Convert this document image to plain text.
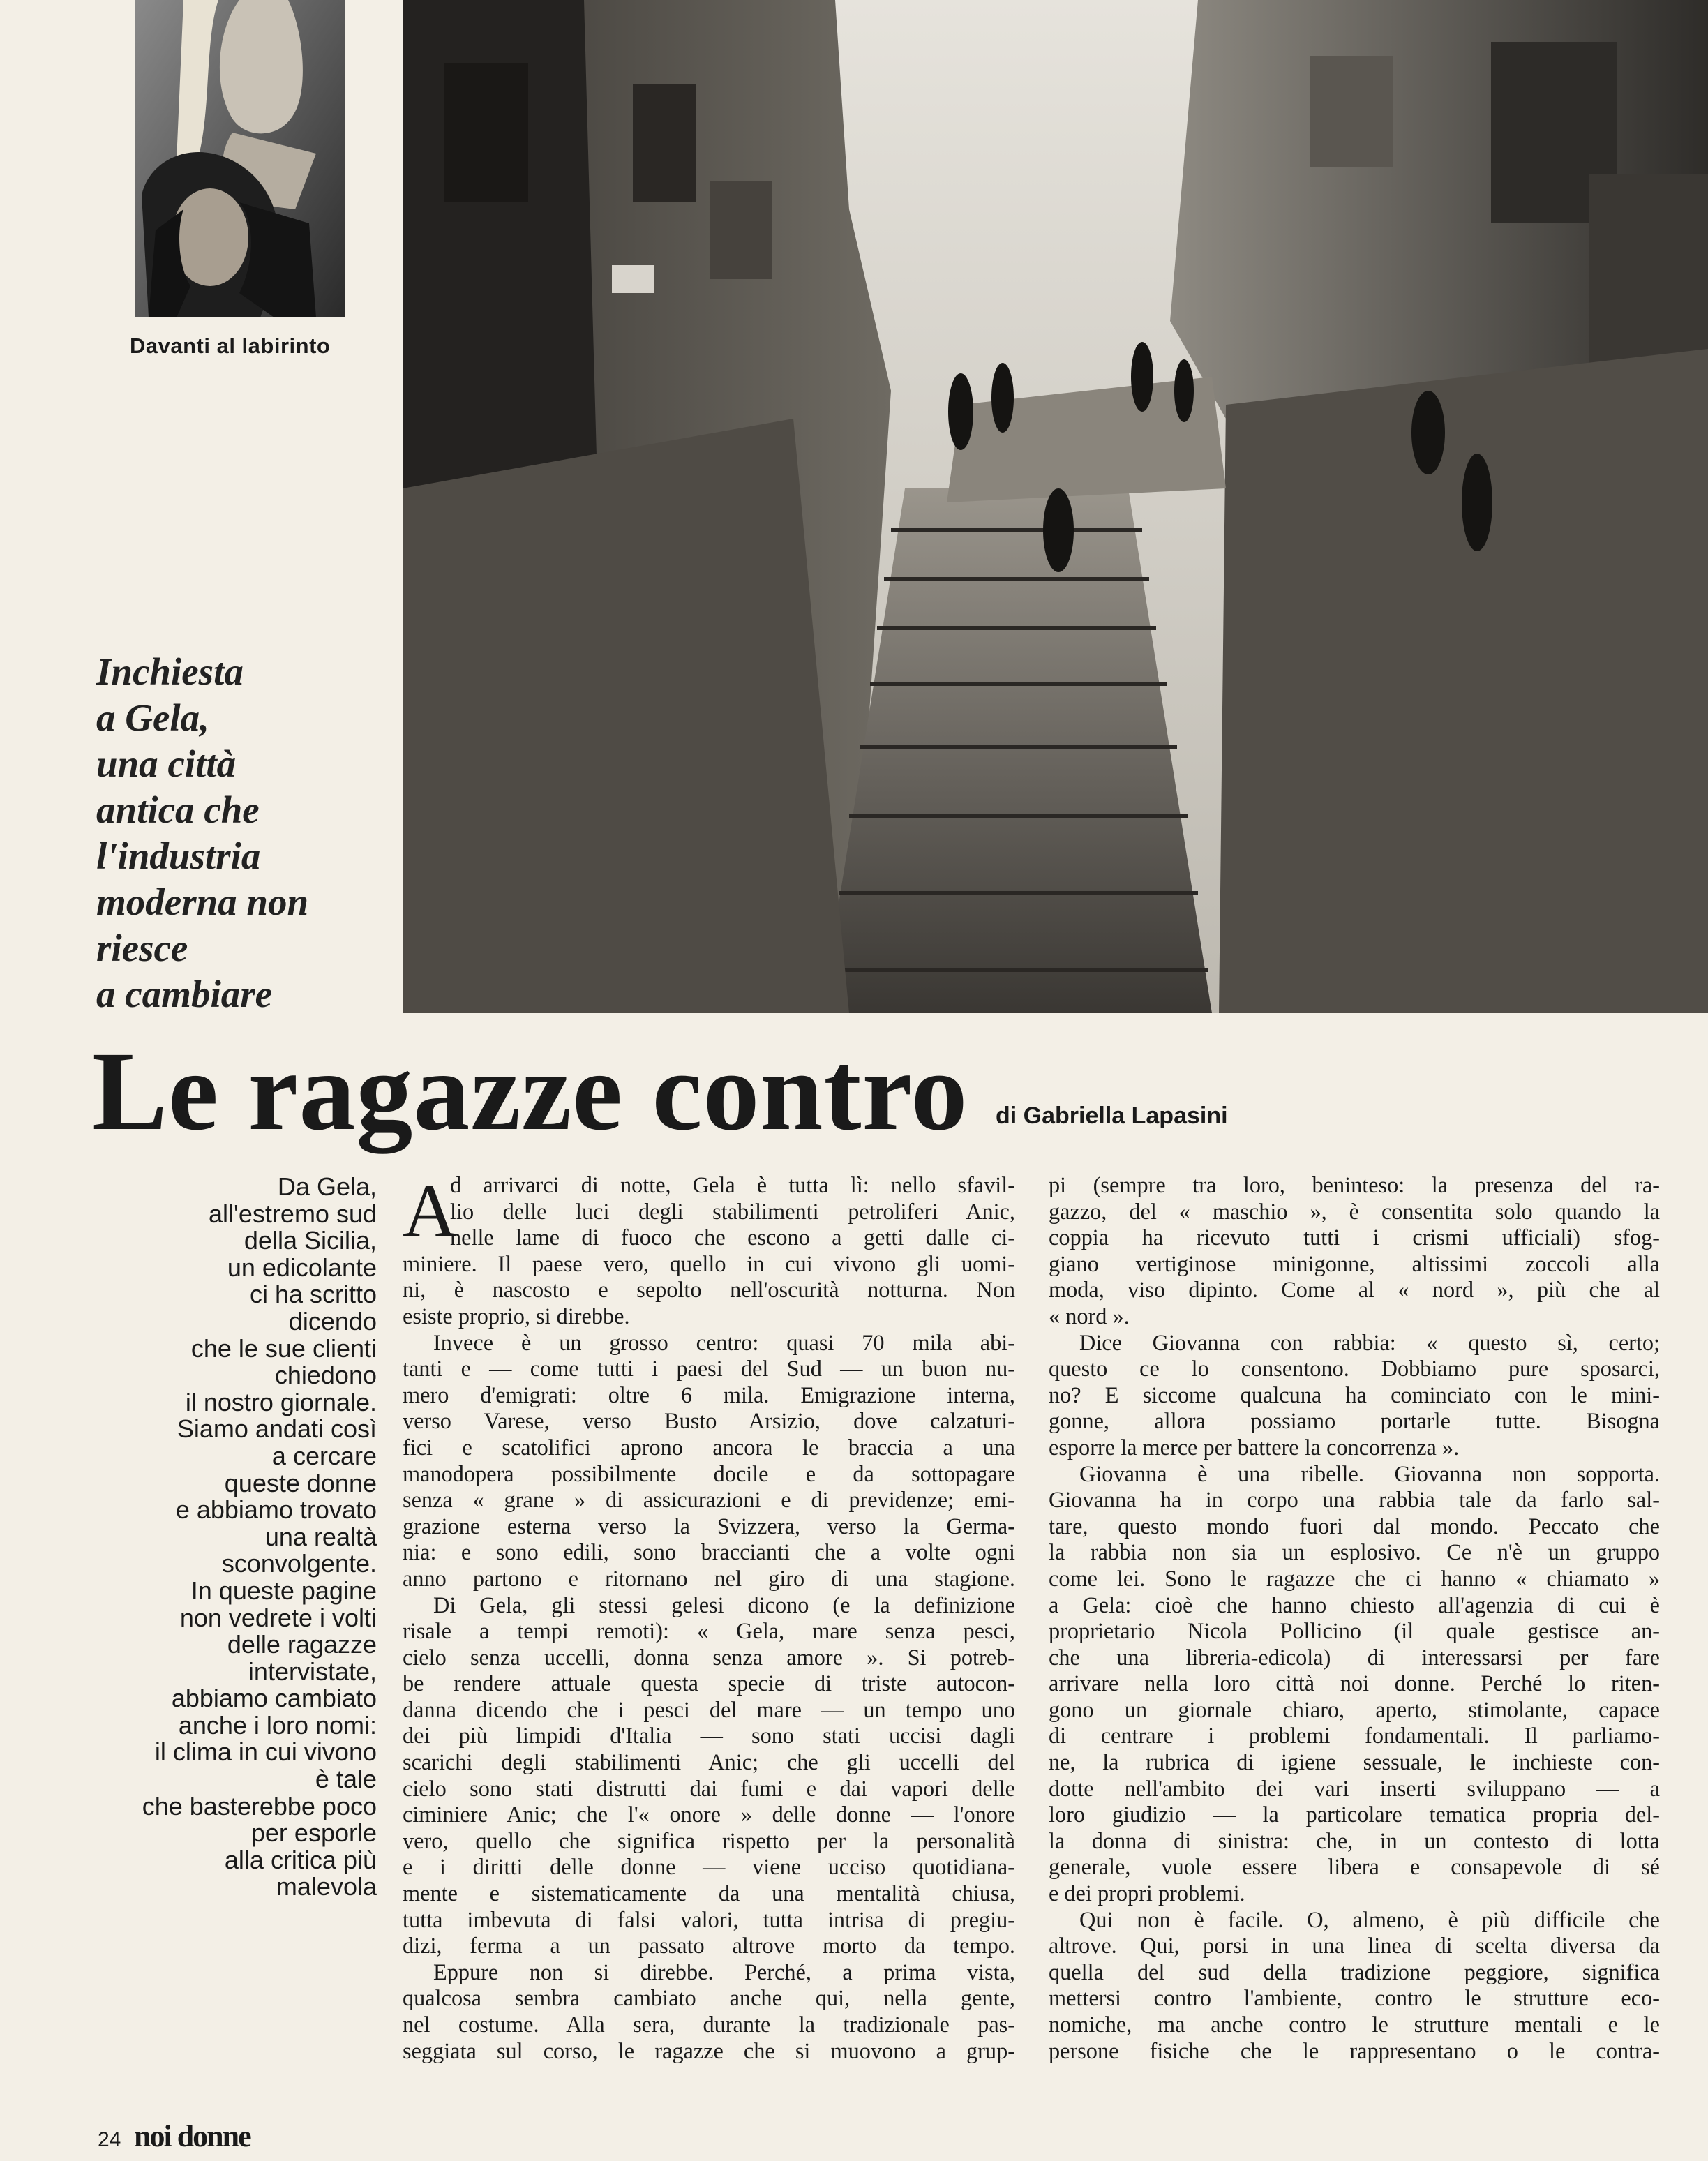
Davanti al labirinto
Inchiesta
a Gela,
una città
antica che
l'industria
moderna non
riesce
a cambiare
Le ragazze contro di Gabriella Lapasini
Da Gela,
all'estremo sud
della Sicilia,
un edicolante
ci ha scritto
dicendo
che le sue clienti
chiedono
il nostro giornale.
Siamo andati così
a cercare
queste donne
e abbiamo trovato
una realtà
sconvolgente.
In queste pagine
non vedrete i volti
delle ragazze
intervistate,
abbiamo cambiato
anche i loro nomi:
il clima in cui vivono
è tale
che basterebbe poco
per esporle
alla critica più
malevola
A
d arrivarci di notte, Gela è tutta lì: nello sfavil-
lio delle luci degli stabilimenti petroliferi Anic,
nelle lame di fuoco che escono a getti dalle ci-
miniere. Il paese vero, quello in cui vivono gli uomi-
ni, è nascosto e sepolto nell'oscurità notturna. Non
esiste proprio, si direbbe.
Invece è un grosso centro: quasi 70 mila abi-
tanti e — come tutti i paesi del Sud — un buon nu-
mero d'emigrati: oltre 6 mila. Emigrazione interna,
verso Varese, verso Busto Arsizio, dove calzaturi-
fici e scatolifici aprono ancora le braccia a una
manodopera possibilmente docile e da sottopagare
senza « grane » di assicurazioni e di previdenze; emi-
grazione esterna verso la Svizzera, verso la Germa-
nia: e sono edili, sono braccianti che a volte ogni
anno partono e ritornano nel giro di una stagione.
Di Gela, gli stessi gelesi dicono (e la definizione
risale a tempi remoti): « Gela, mare senza pesci,
cielo senza uccelli, donna senza amore ». Si potreb-
be rendere attuale questa specie di triste autocon-
danna dicendo che i pesci del mare — un tempo uno
dei più limpidi d'Italia — sono stati uccisi dagli
scarichi degli stabilimenti Anic; che gli uccelli del
cielo sono stati distrutti dai fumi e dai vapori delle
ciminiere Anic; che l'« onore » delle donne — l'onore
vero, quello che significa rispetto per la personalità
e i diritti delle donne — viene ucciso quotidiana-
mente e sistematicamente da una mentalità chiusa,
tutta imbevuta di falsi valori, tutta intrisa di pregiu-
dizi, ferma a un passato altrove morto da tempo.
Eppure non si direbbe. Perché, a prima vista,
qualcosa sembra cambiato anche qui, nella gente,
nel costume. Alla sera, durante la tradizionale pas-
seggiata sul corso, le ragazze che si muovono a grup-
pi (sempre tra loro, beninteso: la presenza del ra-
gazzo, del « maschio », è consentita solo quando la
coppia ha ricevuto tutti i crismi ufficiali) sfog-
giano vertiginose minigonne, altissimi zoccoli alla
moda, viso dipinto. Come al « nord », più che al
« nord ».
Dice Giovanna con rabbia: « questo sì, certo;
questo ce lo consentono. Dobbiamo pure sposarci,
no? E siccome qualcuna ha cominciato con le mini-
gonne, allora possiamo portarle tutte. Bisogna
esporre la merce per battere la concorrenza ».
Giovanna è una ribelle. Giovanna non sopporta.
Giovanna ha in corpo una rabbia tale da farlo sal-
tare, questo mondo fuori dal mondo. Peccato che
la rabbia non sia un esplosivo. Ce n'è un gruppo
come lei. Sono le ragazze che ci hanno « chiamato »
a Gela: cioè che hanno chiesto all'agenzia di cui è
proprietario Nicola Pollicino (il quale gestisce an-
che una libreria-edicola) di interessarsi per fare
arrivare nella loro città noi donne. Perché lo riten-
gono un giornale chiaro, aperto, stimolante, capace
di centrare i problemi fondamentali. Il parliamo-
ne, la rubrica di igiene sessuale, le inchieste con-
dotte nell'ambito dei vari inserti sviluppano — a
loro giudizio — la particolare tematica propria del-
la donna di sinistra: che, in un contesto di lotta
generale, vuole essere libera e consapevole di sé
e dei propri problemi.
Qui non è facile. O, almeno, è più difficile che
altrove. Qui, porsi in una linea di scelta diversa da
quella del sud della tradizione peggiore, significa
mettersi contro l'ambiente, contro le strutture eco-
nomiche, ma anche contro le strutture mentali e le
persone fisiche che le rappresentano o le contra-
24 noi donne
